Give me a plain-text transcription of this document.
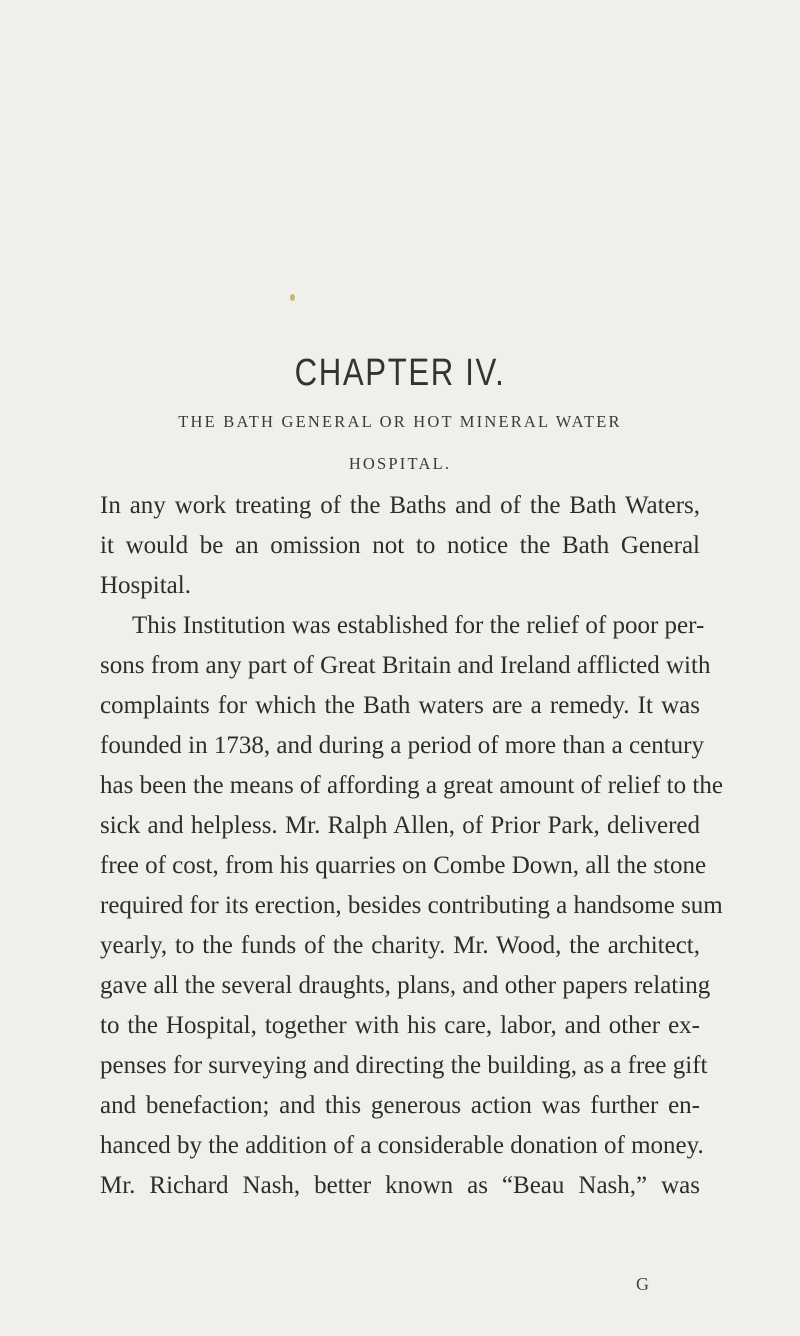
CHAPTER IV.
THE BATH GENERAL OR HOT MINERAL WATER
HOSPITAL.
In any work treating of the Baths and of the Bath Waters,
it would be an omission not to notice the Bath General
Hospital.
This Institution was established for the relief of poor per-
sons from any part of Great Britain and Ireland afflicted with
complaints for which the Bath waters are a remedy. It was
founded in 1738, and during a period of more than a century
has been the means of affording a great amount of relief to the
sick and helpless. Mr. Ralph Allen, of Prior Park, delivered
free of cost, from his quarries on Combe Down, all the stone
required for its erection, besides contributing a handsome sum
yearly, to the funds of the charity. Mr. Wood, the architect,
gave all the several draughts, plans, and other papers relating
to the Hospital, together with his care, labor, and other ex-
penses for surveying and directing the building, as a free gift
and benefaction; and this generous action was further en-
hanced by the addition of a considerable donation of money.
Mr. Richard Nash, better known as “Beau Nash,” was
G
